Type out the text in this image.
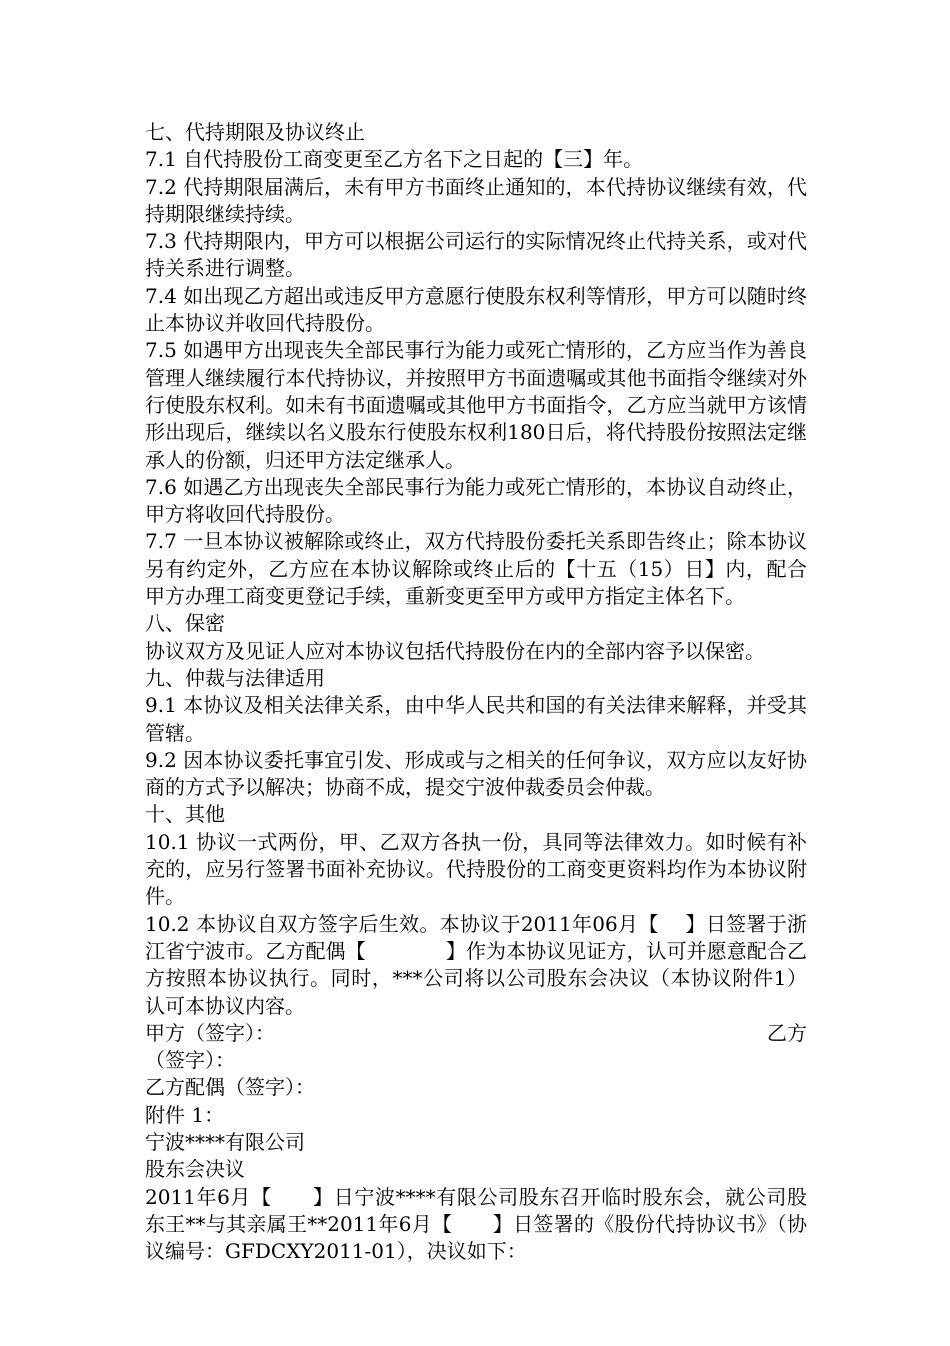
七、代持期限及协议终止

7.1 自代持股份工商变更至乙方名下之日起的【三】年。

7.2 代持期限届满后，未有甲方书面终止通知的，本代持协议继续有效，代持期限继续持续。

7.3 代持期限内，甲方可以根据公司运行的实际情况终止代持关系，或对代持关系进行调整。

7.4 如出现乙方超出或违反甲方意愿行使股东权利等情形，甲方可以随时终止本协议并收回代持股份。

7.5 如遇甲方出现丧失全部民事行为能力或死亡情形的，乙方应当作为善良管理人继续履行本代持协议，并按照甲方书面遗嘱或其他书面指令继续对外行使股东权利。如未有书面遗嘱或其他甲方书面指令，乙方应当就甲方该情形出现后，继续以名义股东行使股东权利180日后，将代持股份按照法定继承人的份额，归还甲方法定继承人。

7.6 如遇乙方出现丧失全部民事行为能力或死亡情形的，本协议自动终止，甲方将收回代持股份。

7.7 一旦本协议被解除或终止，双方代持股份委托关系即告终止；除本协议另有约定外，乙方应在本协议解除或终止后的【十五（15）日】内，配合甲方办理工商变更登记手续，重新变更至甲方或甲方指定主体名下。

八、保密

协议双方及见证人应对本协议包括代持股份在内的全部内容予以保密。

九、仲裁与法律适用

9.1 本协议及相关法律关系，由中华人民共和国的有关法律来解释，并受其管辖。

9.2 因本协议委托事宜引发、形成或与之相关的任何争议，双方应以友好协商的方式予以解决；协商不成，提交宁波仲裁委员会仲裁。

十、其他

10.1 协议一式两份，甲、乙双方各执一份，具同等法律效力。如时候有补充的，应另行签署书面补充协议。代持股份的工商变更资料均作为本协议附件。

10.2 本协议自双方签字后生效。本协议于2011年06月【　 】日签署于浙江省宁波市。乙方配偶【　　　　】作为本协议见证方，认可并愿意配合乙方按照本协议执行。同时，***公司将以公司股东会决议（本协议附件1）认可本协议内容。

甲方（签字）：	乙方

（签字）：

乙方配偶（签字）：

附件 1：

宁波****有限公司

股东会决议

2011年6月【　　】日宁波****有限公司股东召开临时股东会，就公司股东王**与其亲属王**2011年6月【　　】日签署的《股份代持协议书》（协议编号：GFDCXY2011-01），决议如下：
